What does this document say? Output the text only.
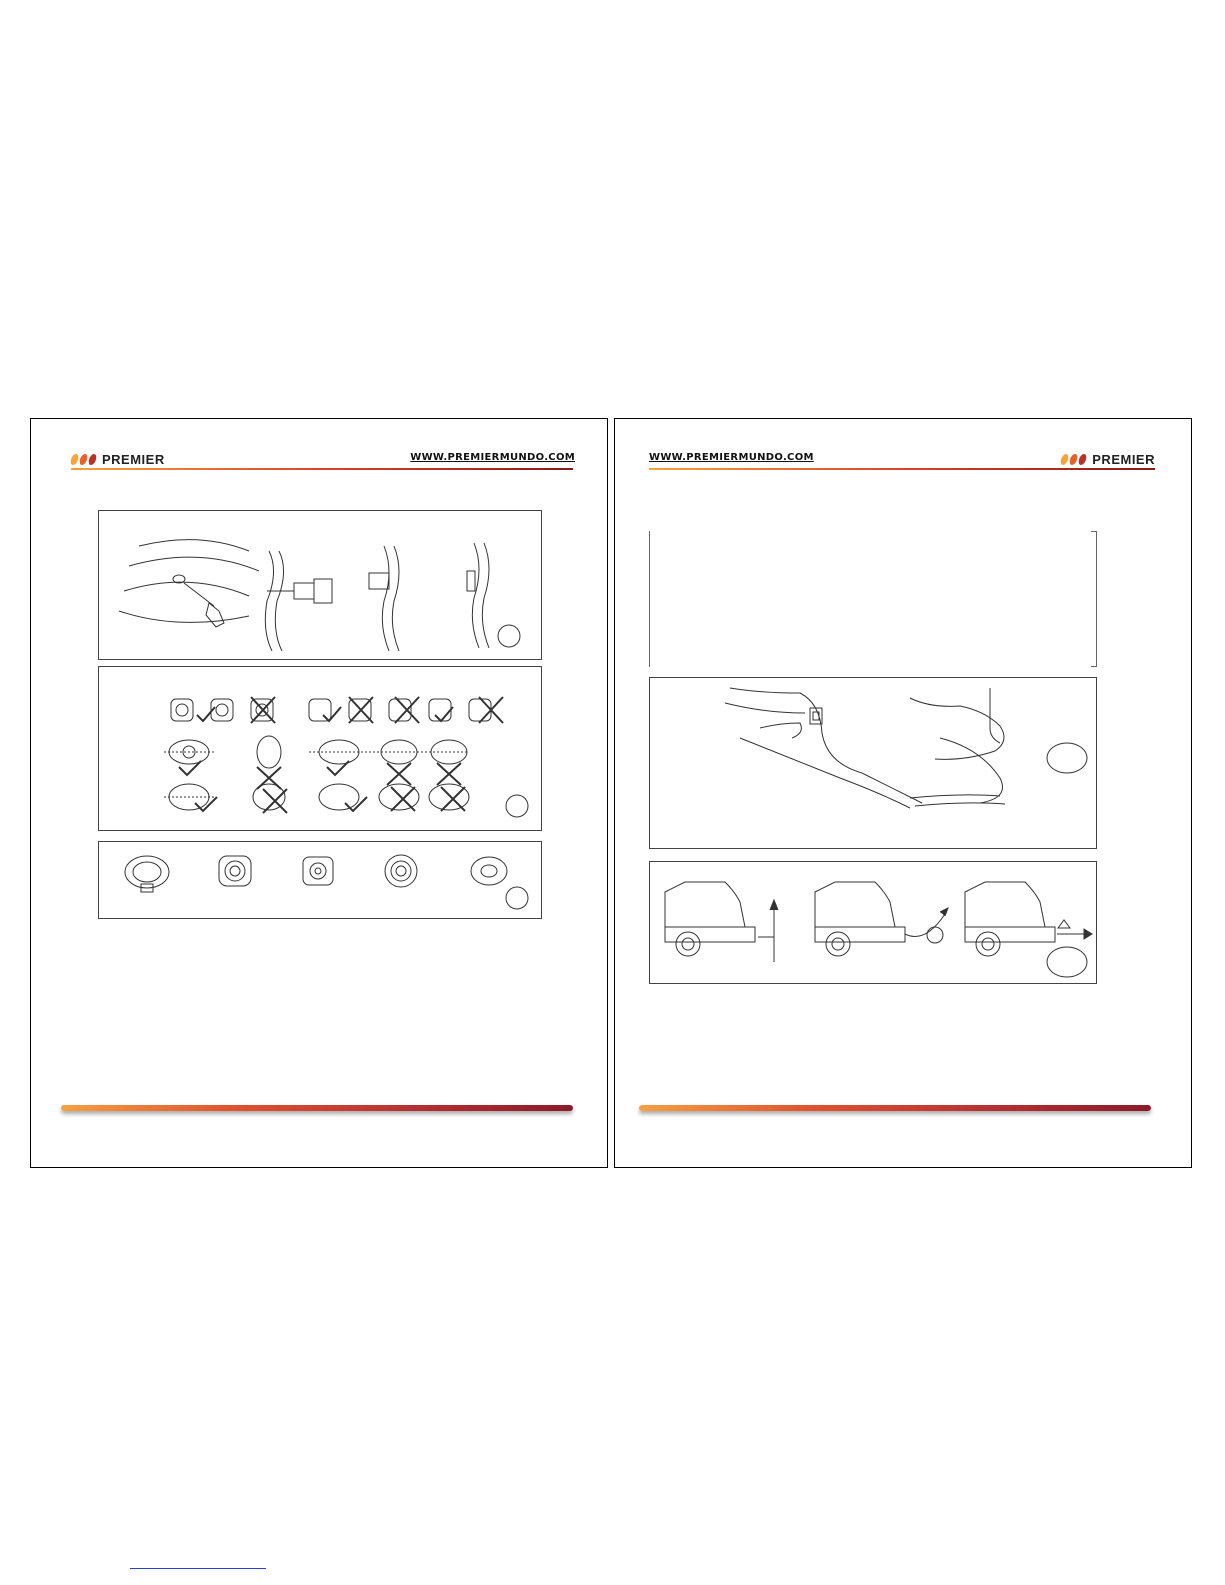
PREMIER	WWW.PREMIERMUNDO.COM	WWW.PREMIERMUNDO.COM	PREMIER
